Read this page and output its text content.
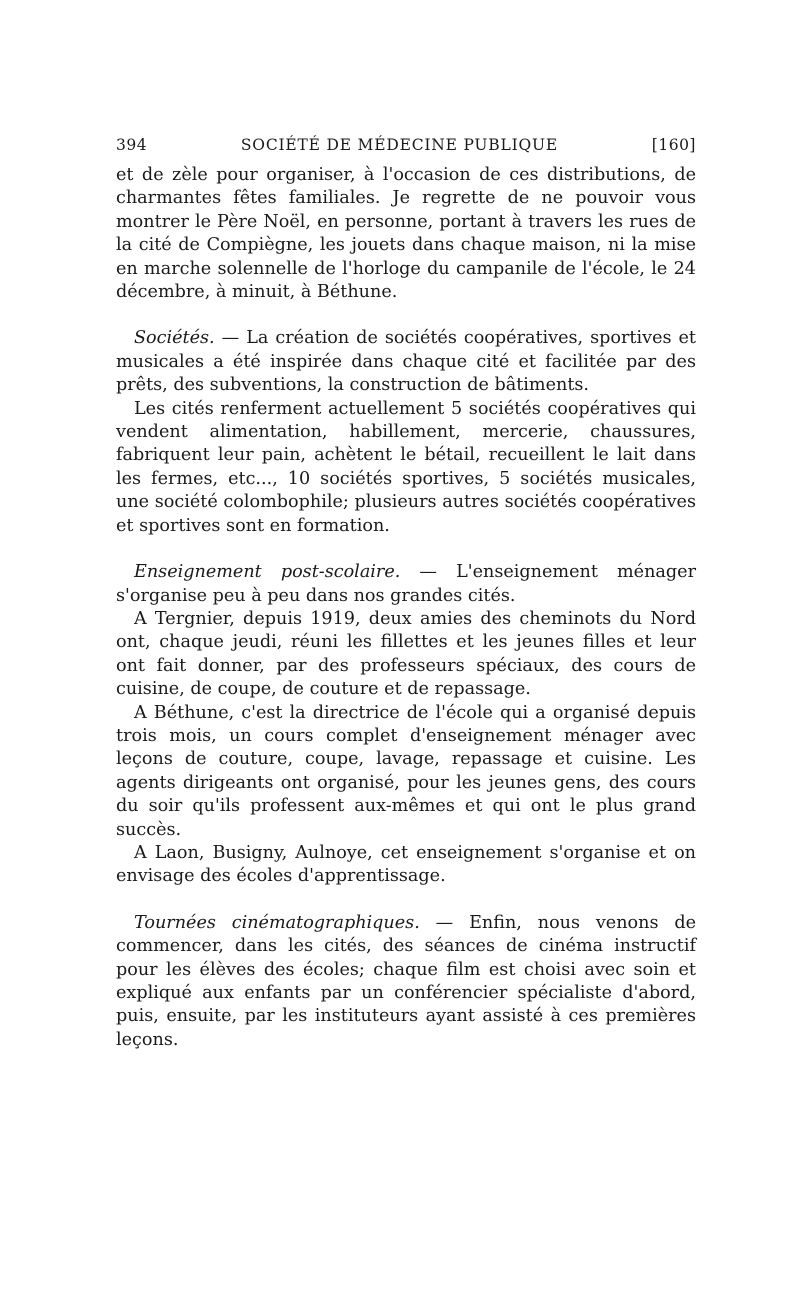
394	SOCIÉTÉ DE MÉDECINE PUBLIQUE	[160]

et de zèle pour organiser, à l'occasion de ces distributions, de charmantes fêtes familiales. Je regrette de ne pouvoir vous montrer le Père Noël, en personne, portant à travers les rues de la cité de Compiègne, les jouets dans chaque maison, ni la mise en marche solennelle de l'horloge du campanile de l'école, le 24 décembre, à minuit, à Béthune.

Sociétés. — La création de sociétés coopératives, sportives et musicales a été inspirée dans chaque cité et facilitée par des prêts, des subventions, la construction de bâtiments.

Les cités renferment actuellement 5 sociétés coopératives qui vendent alimentation, habillement, mercerie, chaussures, fabriquent leur pain, achètent le bétail, recueillent le lait dans les fermes, etc..., 10 sociétés sportives, 5 sociétés musicales, une société colombophile; plusieurs autres sociétés coopératives et sportives sont en formation.

Enseignement post-scolaire. — L'enseignement ménager s'organise peu à peu dans nos grandes cités.

A Tergnier, depuis 1919, deux amies des cheminots du Nord ont, chaque jeudi, réuni les fillettes et les jeunes filles et leur ont fait donner, par des professeurs spéciaux, des cours de cuisine, de coupe, de couture et de repassage.

A Béthune, c'est la directrice de l'école qui a organisé depuis trois mois, un cours complet d'enseignement ménager avec leçons de couture, coupe, lavage, repassage et cuisine. Les agents dirigeants ont organisé, pour les jeunes gens, des cours du soir qu'ils professent aux-mêmes et qui ont le plus grand succès.

A Laon, Busigny, Aulnoye, cet enseignement s'organise et on envisage des écoles d'apprentissage.

Tournées cinématographiques. — Enfin, nous venons de commencer, dans les cités, des séances de cinéma instructif pour les élèves des écoles; chaque film est choisi avec soin et expliqué aux enfants par un conférencier spécialiste d'abord, puis, ensuite, par les instituteurs ayant assisté à ces premières leçons.
